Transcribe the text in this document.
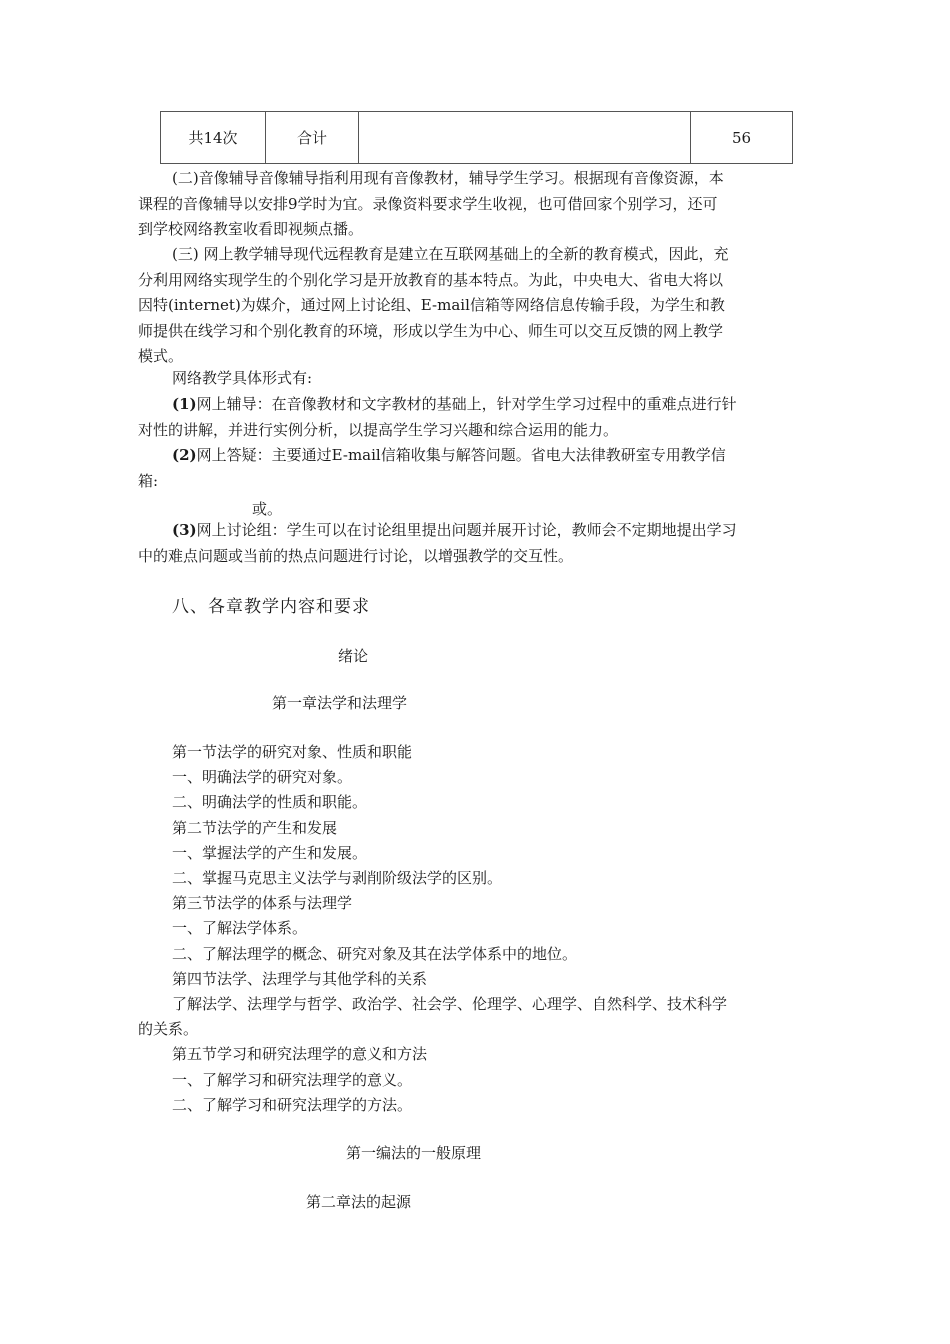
共14次	合计		56
(二)音像辅导音像辅导指利用现有音像教材，辅导学生学习。根据现有音像资源，本
课程的音像辅导以安排9学时为宜。录像资料要求学生收视，也可借回家个别学习，还可
到学校网络教室收看即视频点播。
(三) 网上教学辅导现代远程教育是建立在互联网基础上的全新的教育模式，因此，充
分利用网络实现学生的个别化学习是开放教育的基本特点。为此，中央电大、省电大将以
因特(internet)为媒介，通过网上讨论组、E-mail信箱等网络信息传输手段，为学生和教
师提供在线学习和个别化教育的环境，形成以学生为中心、师生可以交互反馈的网上教学
模式。
网络教学具体形式有:
(1)网上辅导：在音像教材和文字教材的基础上，针对学生学习过程中的重难点进行针
对性的讲解，并进行实例分析，以提高学生学习兴趣和综合运用的能力。
(2)网上答疑：主要通过E-mail信箱收集与解答问题。省电大法律教研室专用教学信
箱:
或。
(3)网上讨论组：学生可以在讨论组里提出问题并展开讨论，教师会不定期地提出学习
中的难点问题或当前的热点问题进行讨论，以增强教学的交互性。
八、各章教学内容和要求
绪论
第一章法学和法理学
第一节法学的研究对象、性质和职能
一、明确法学的研究对象。
二、明确法学的性质和职能。
第二节法学的产生和发展
一、掌握法学的产生和发展。
二、掌握马克思主义法学与剥削阶级法学的区别。
第三节法学的体系与法理学
一、了解法学体系。
二、了解法理学的概念、研究对象及其在法学体系中的地位。
第四节法学、法理学与其他学科的关系
了解法学、法理学与哲学、政治学、社会学、伦理学、心理学、自然科学、技术科学
的关系。
第五节学习和研究法理学的意义和方法
一、了解学习和研究法理学的意义。
二、了解学习和研究法理学的方法。
第一编法的一般原理
第二章法的起源
